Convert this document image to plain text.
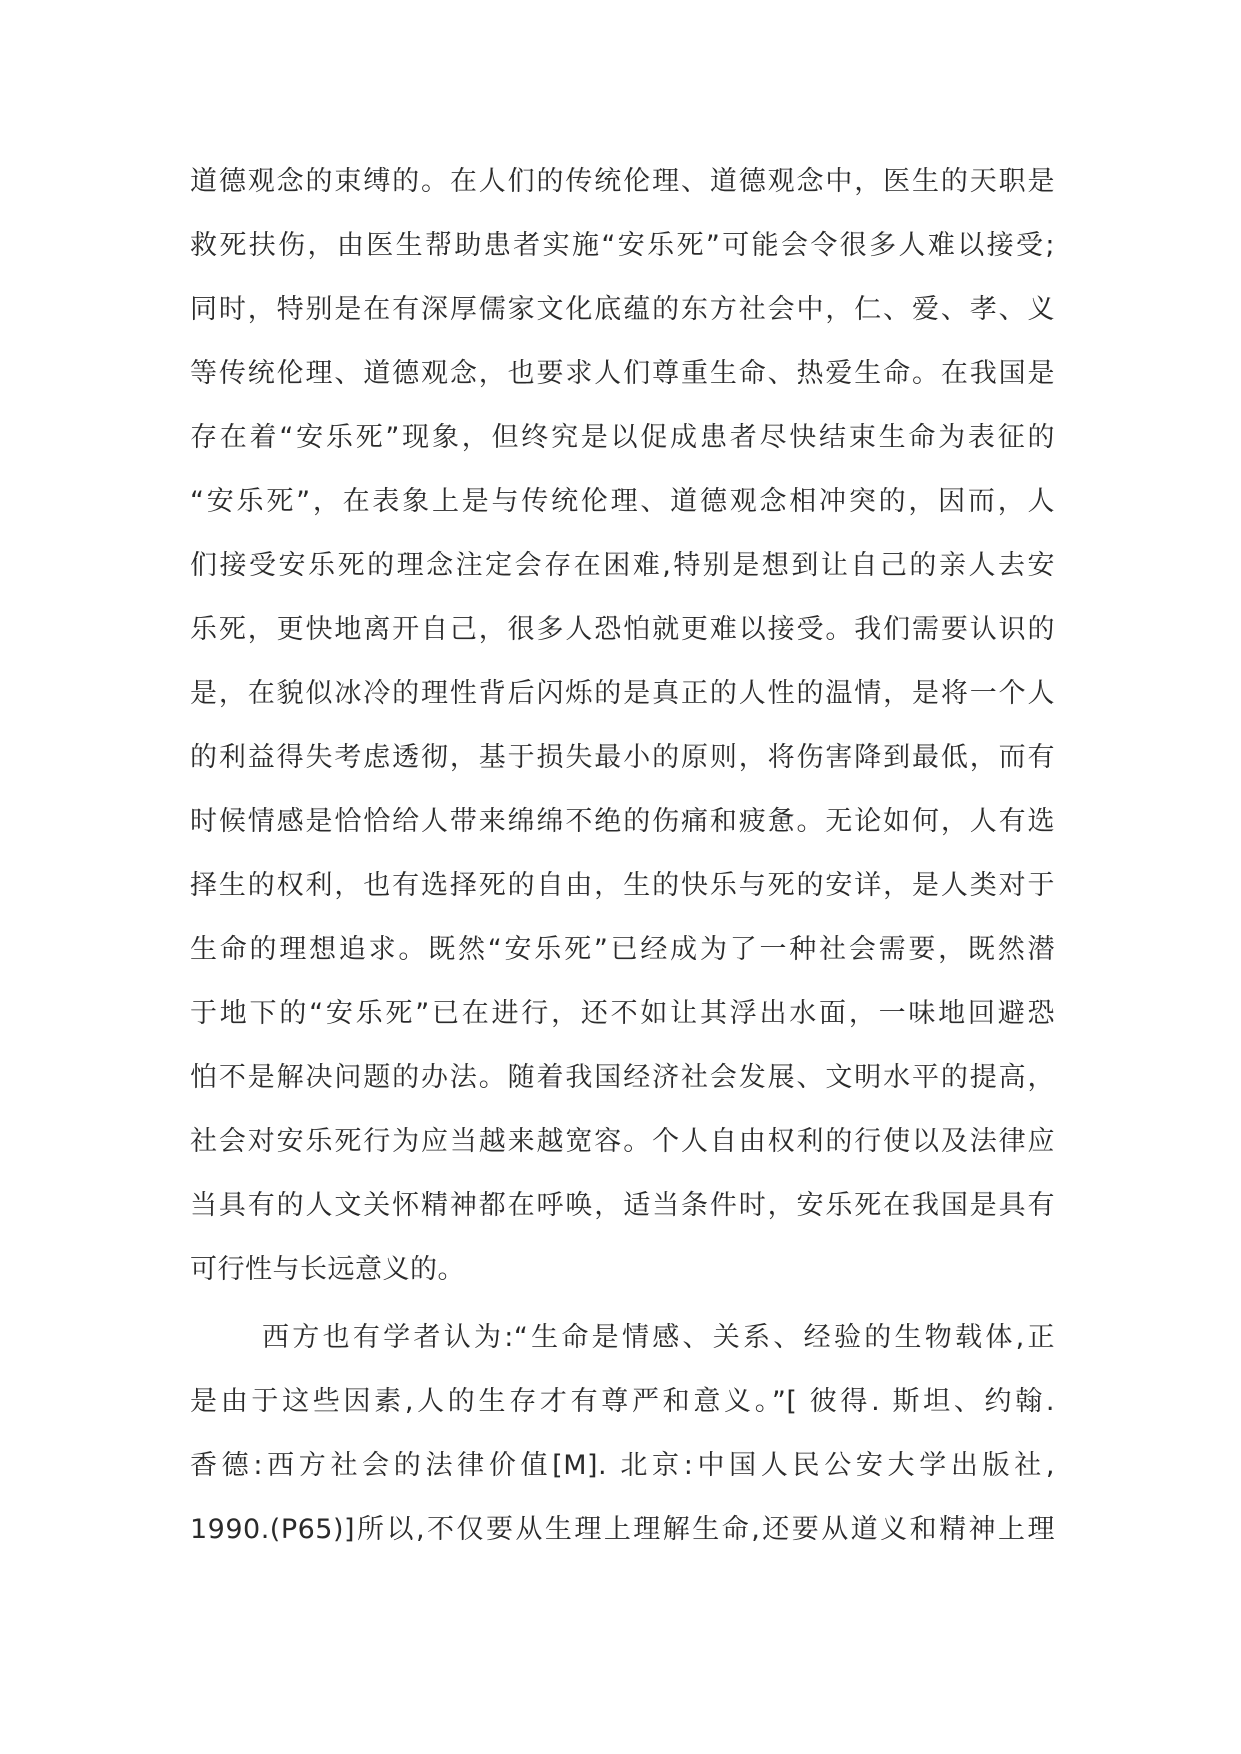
道德观念的束缚的。在人们的传统伦理、道德观念中，医生的天职是
救死扶伤，由医生帮助患者实施“安乐死”可能会令很多人难以接受;
同时，特别是在有深厚儒家文化底蕴的东方社会中，仁、爱、孝、义
等传统伦理、道德观念，也要求人们尊重生命、热爱生命。在我国是
存在着“安乐死”现象，但终究是以促成患者尽快结束生命为表征的
“安乐死”，在表象上是与传统伦理、道德观念相冲突的，因而，人
们接受安乐死的理念注定会存在困难,特别是想到让自己的亲人去安
乐死，更快地离开自己，很多人恐怕就更难以接受。我们需要认识的
是，在貌似冰冷的理性背后闪烁的是真正的人性的温情，是将一个人
的利益得失考虑透彻，基于损失最小的原则，将伤害降到最低，而有
时候情感是恰恰给人带来绵绵不绝的伤痛和疲惫。无论如何，人有选
择生的权利，也有选择死的自由，生的快乐与死的安详，是人类对于
生命的理想追求。既然“安乐死”已经成为了一种社会需要，既然潜
于地下的“安乐死”已在进行，还不如让其浮出水面，一味地回避恐
怕不是解决问题的办法。随着我国经济社会发展、文明水平的提高，
社会对安乐死行为应当越来越宽容。个人自由权利的行使以及法律应
当具有的人文关怀精神都在呼唤，适当条件时，安乐死在我国是具有
可行性与长远意义的。
西方也有学者认为:“生命是情感、关系、经验的生物载体,正
是由于这些因素,人的生存才有尊严和意义。”[ 彼得. 斯坦、约翰.
香德:西方社会的法律价值[M]. 北京:中国人民公安大学出版社,
1990.(P65)]所以,不仅要从生理上理解生命,还要从道义和精神上理
